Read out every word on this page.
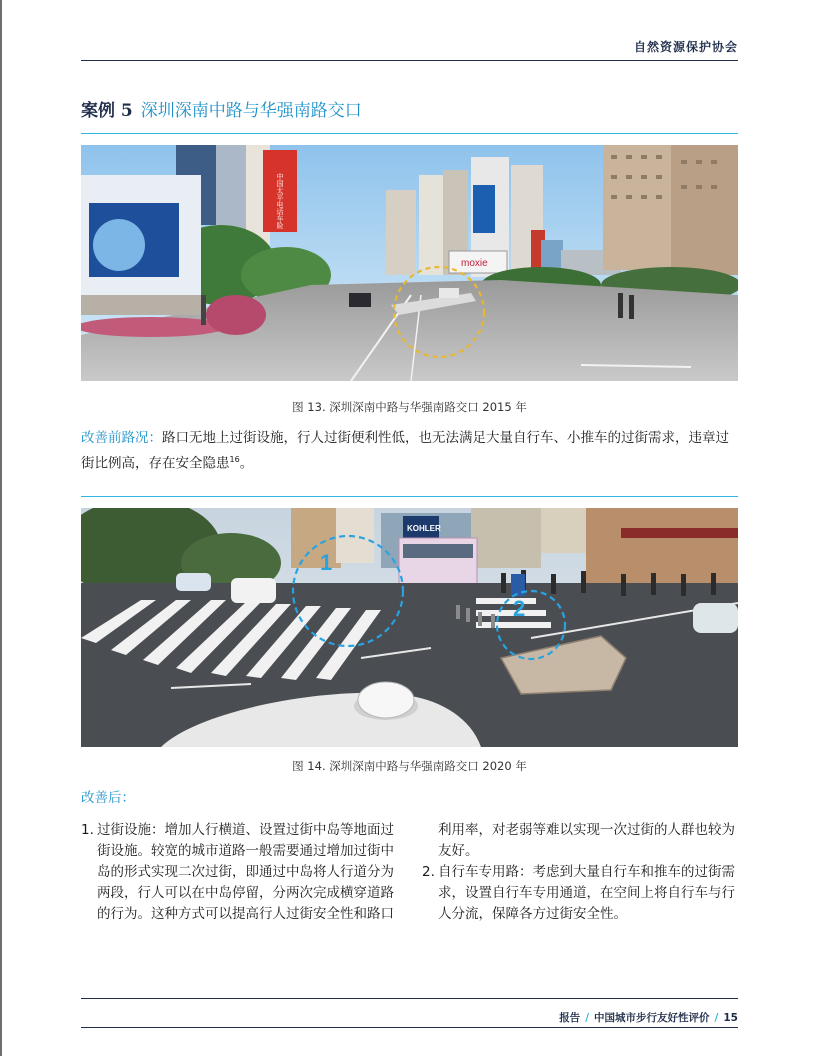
自然资源保护协会
案例 5 深圳深南中路与华强南路交口
moxie
中国太平电话车险
图 13. 深圳深南中路与华强南路交口 2015 年
改善前路况：路口无地上过街设施，行人过街便利性低，也无法满足大量自行车、小推车的过街需求，违章过街比例高，存在安全隐患$^{16}$。
KOHLER
1
2
图 14. 深圳深南中路与华强南路交口 2020 年
改善后：
1. 过街设施：增加人行横道、设置过街中岛等地面过街设施。较宽的城市道路一般需要通过增加过街中岛的形式实现二次过街，即通过中岛将人行道分为两段，行人可以在中岛停留，分两次完成横穿道路的行为。这种方式可以提高行人过街安全性和路口
利用率，对老弱等难以实现一次过街的人群也较为友好。
2. 自行车专用路：考虑到大量自行车和推车的过街需求，设置自行车专用通道，在空间上将自行车与行人分流，保障各方过街安全性。
报告 / 中国城市步行友好性评价 / 15
